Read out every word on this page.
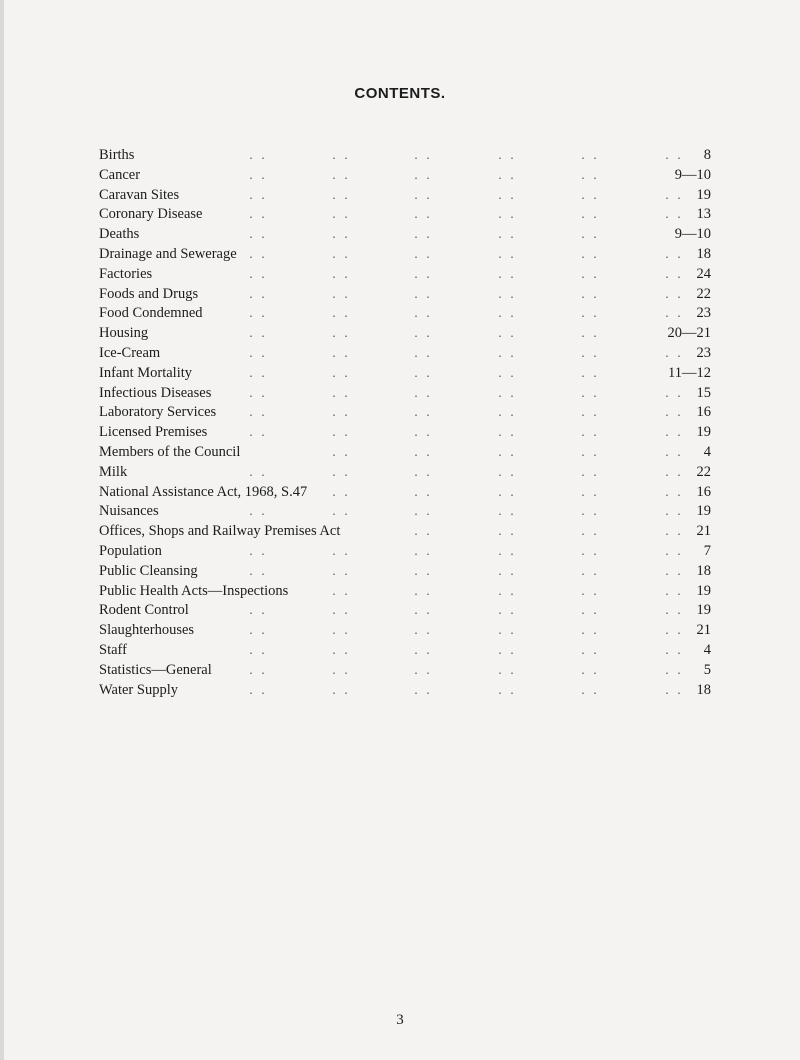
CONTENTS.
. .	. .	. .	. .	. .	. .
Births	8
. .	. .	. .	. .	. .
Cancer	9—10
. .	. .	. .	. .	. .	. .
Caravan Sites	19
. .	. .	. .	. .	. .	. .
Coronary Disease	13
. .	. .	. .	. .	. .
Deaths	9—10
. .	. .	. .	. .	. .	. .
Drainage and Sewerage	18
. .	. .	. .	. .	. .	. .
Factories	24
. .	. .	. .	. .	. .	. .
Foods and Drugs	22
. .	. .	. .	. .	. .	. .
Food Condemned	23
. .	. .	. .	. .	. .
Housing	20—21
. .	. .	. .	. .	. .	. .
Ice-Cream	23
. .	. .	. .	. .	. .
Infant Mortality	11—12
. .	. .	. .	. .	. .	. .
Infectious Diseases	15
. .	. .	. .	. .	. .	. .
Laboratory Services	16
. .	. .	. .	. .	. .	. .
Licensed Premises	19
. .	. .	. .	. .	. .
Members of the Council	4
. .	. .	. .	. .	. .	. .
Milk	22
. .	. .	. .	. .	. .
National Assistance Act, 1968, S.47	16
. .	. .	. .	. .	. .	. .
Nuisances	19
. .	. .	. .	. .
Offices, Shops and Railway Premises Act	21
. .	. .	. .	. .	. .	. .
Population	7
. .	. .	. .	. .	. .	. .
Public Cleansing	18
. .	. .	. .	. .	. .
Public Health Acts—Inspections	19
. .	. .	. .	. .	. .	. .
Rodent Control	19
. .	. .	. .	. .	. .	. .
Slaughterhouses	21
. .	. .	. .	. .	. .	. .
Staff	4
. .	. .	. .	. .	. .	. .
Statistics—General	5
. .	. .	. .	. .	. .	. .
Water Supply	18
3
